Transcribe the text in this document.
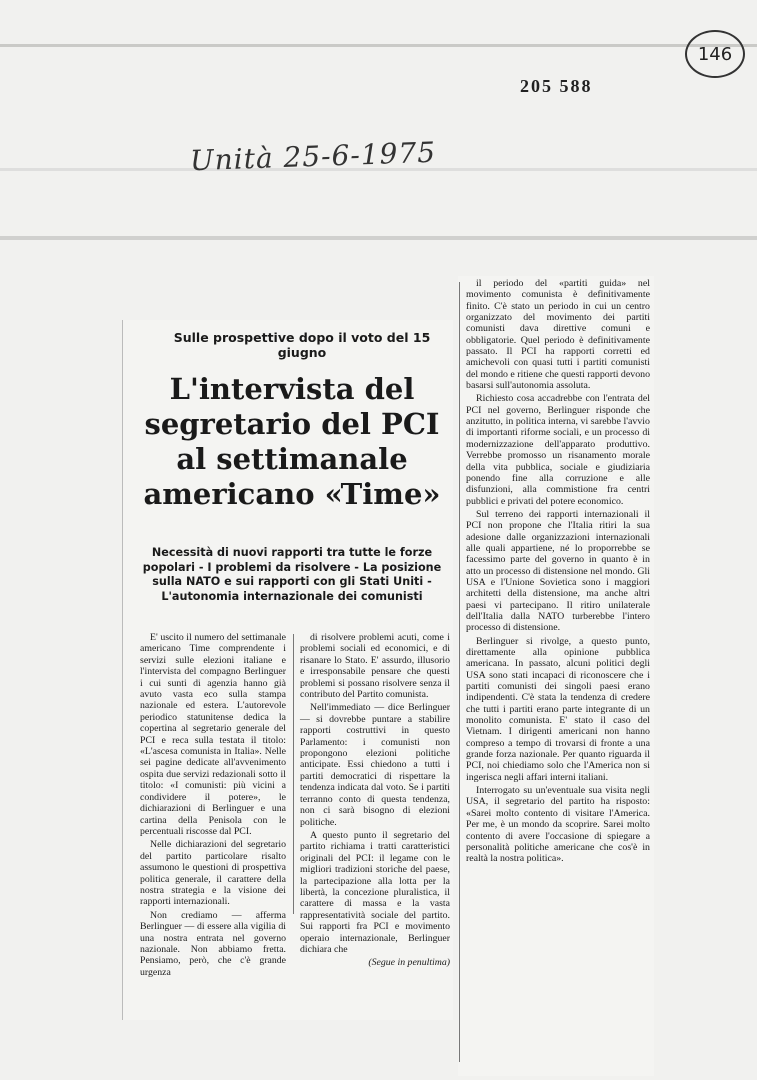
146
205 588
Unità 25-6-1975
Sulle prospettive dopo il voto del 15 giugno
L'intervista del segretario del PCI al settimanale americano «Time»
Necessità di nuovi rapporti tra tutte le forze popolari - I problemi da risolvere - La posizione sulla NATO e sui rapporti con gli Stati Uniti - L'autonomia internazionale dei comunisti

E' uscito il numero del settimanale americano Time comprendente i servizi sulle elezioni italiane e l'intervista del compagno Berlinguer i cui sunti di agenzia hanno già avuto vasta eco sulla stampa nazionale ed estera. L'autorevole periodico statunitense dedica la copertina al segretario generale del PCI e reca sulla testata il titolo: «L'ascesa comunista in Italia». Nelle sei pagine dedicate all'avvenimento ospita due servizi redazionali sotto il titolo: «I comunisti: più vicini a condividere il potere», le dichiarazioni di Berlinguer e una cartina della Penisola con le percentuali riscosse dal PCI.

Nelle dichiarazioni del segretario del partito particolare risalto assumono le questioni di prospettiva politica generale, il carattere della nostra strategia e la visione dei rapporti internazionali.

Non crediamo — afferma Berlinguer — di essere alla vigilia di una nostra entrata nel governo nazionale. Non abbiamo fretta. Pensiamo, però, che c'è grande urgenza

di risolvere problemi acuti, come i problemi sociali ed economici, e di risanare lo Stato. E' assurdo, illusorio e irresponsabile pensare che questi problemi si possano risolvere senza il contributo del Partito comunista.

Nell'immediato — dice Berlinguer — si dovrebbe puntare a stabilire rapporti costruttivi in questo Parlamento: i comunisti non propongono elezioni politiche anticipate. Essi chiedono a tutti i partiti democratici di rispettare la tendenza indicata dal voto. Se i partiti terranno conto di questa tendenza, non ci sarà bisogno di elezioni politiche.

A questo punto il segretario del partito richiama i tratti caratteristici originali del PCI: il legame con le migliori tradizioni storiche del paese, la partecipazione alla lotta per la libertà, la concezione pluralistica, il carattere di massa e la vasta rappresentatività sociale del partito. Sui rapporti fra PCI e movimento operaio internazionale, Berlinguer dichiara che

(Segue in penultima)

il periodo del «partiti guida» nel movimento comunista è definitivamente finito. C'è stato un periodo in cui un centro organizzato del movimento dei partiti comunisti dava direttive comuni e obbligatorie. Quel periodo è definitivamente passato. Il PCI ha rapporti corretti ed amichevoli con quasi tutti i partiti comunisti del mondo e ritiene che questi rapporti devono basarsi sull'autonomia assoluta.

Richiesto cosa accadrebbe con l'entrata del PCI nel governo, Berlinguer risponde che anzitutto, in politica interna, vi sarebbe l'avvio di importanti riforme sociali, e un processo di modernizzazione dell'apparato produttivo. Verrebbe promosso un risanamento morale della vita pubblica, sociale e giudiziaria ponendo fine alla corruzione e alle disfunzioni, alla commistione fra centri pubblici e privati del potere economico.

Sul terreno dei rapporti internazionali il PCI non propone che l'Italia ritiri la sua adesione dalle organizzazioni internazionali alle quali appartiene, né lo proporrebbe se facessimo parte del governo in quanto è in atto un processo di distensione nel mondo. Gli USA e l'Unione Sovietica sono i maggiori architetti della distensione, ma anche altri paesi vi partecipano. Il ritiro unilaterale dell'Italia dalla NATO turberebbe l'intero processo di distensione.

Berlinguer si rivolge, a questo punto, direttamente alla opinione pubblica americana. In passato, alcuni politici degli USA sono stati incapaci di riconoscere che i partiti comunisti dei singoli paesi erano indipendenti. C'è stata la tendenza di credere che tutti i partiti erano parte integrante di un monolito comunista. E' stato il caso del Vietnam. I dirigenti americani non hanno compreso a tempo di trovarsi di fronte a una grande forza nazionale. Per quanto riguarda il PCI, noi chiediamo solo che l'America non si ingerisca negli affari interni italiani.

Interrogato su un'eventuale sua visita negli USA, il segretario del partito ha risposto: «Sarei molto contento di visitare l'America. Per me, è un mondo da scoprire. Sarei molto contento di avere l'occasione di spiegare a personalità politiche americane che cos'è in realtà la nostra politica».
